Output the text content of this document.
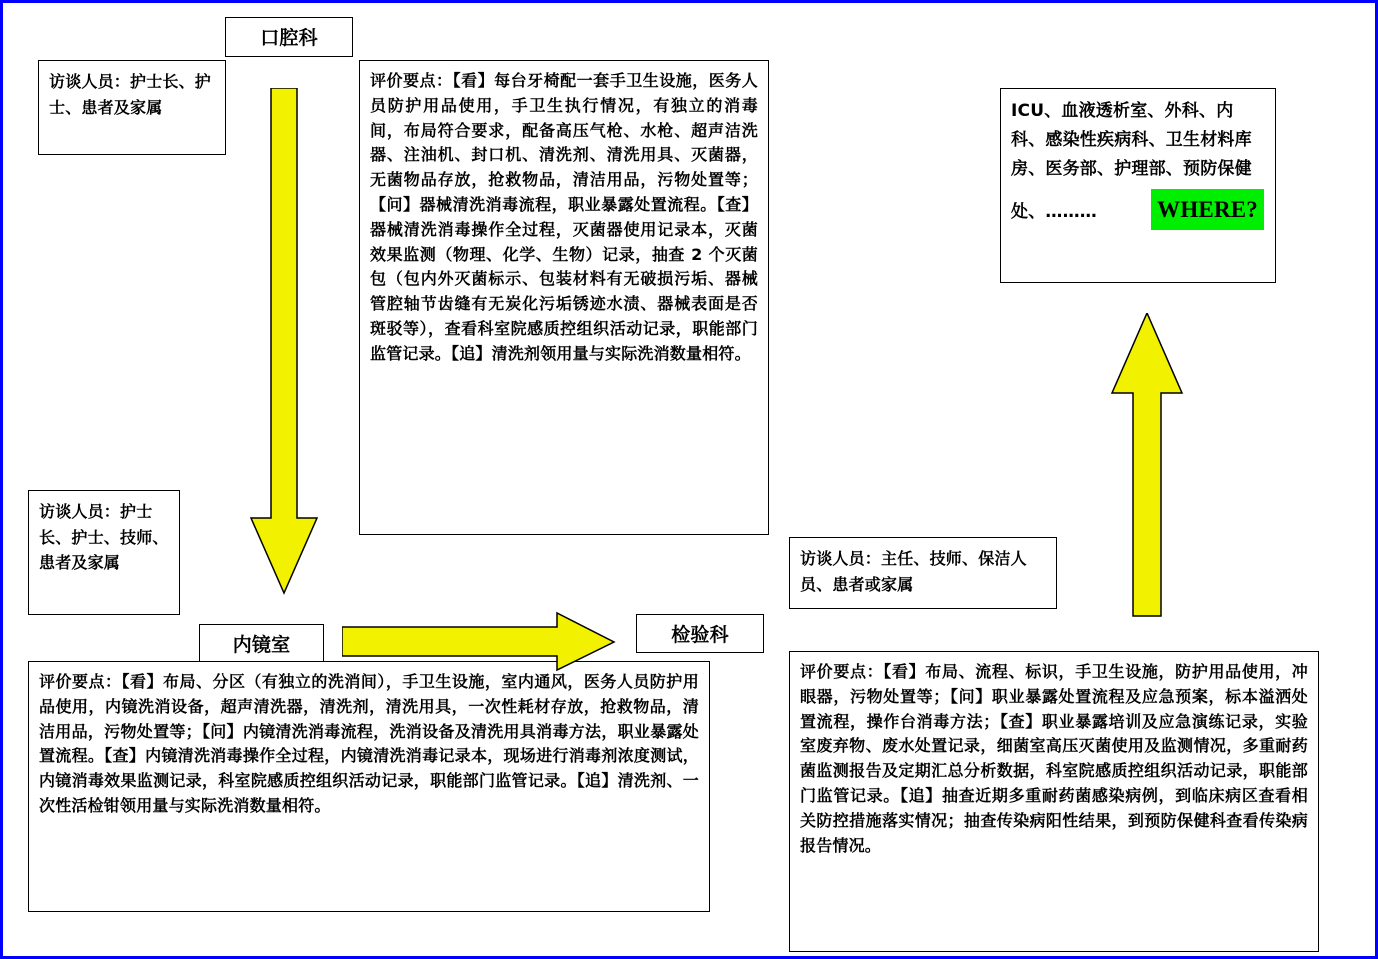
口腔科
访谈人员：护士长、护士、患者及家属
评价要点：【看】每台牙椅配一套手卫生设施，医务人员防护用品使用，手卫生执行情况，有独立的消毒间，布局符合要求，配备高压气枪、水枪、超声洁洗器、注油机、封口机、清洗剂、清洗用具、灭菌器，无菌物品存放，抢救物品，清洁用品，污物处置等；【问】器械清洗消毒流程，职业暴露处置流程。【查】器械清洗消毒操作全过程，灭菌器使用记录本，灭菌效果监测（物理、化学、生物）记录，抽查 2 个灭菌包（包内外灭菌标示、包装材料有无破损污垢、器械管腔轴节齿缝有无炭化污垢锈迹水渍、器械表面是否斑驳等），查看科室院感质控组织活动记录，职能部门监管记录。【追】清洗剂领用量与实际洗消数量相符。
ICU、血液透析室、外科、内科、感染性疾病科、卫生材料库房、医务部、护理部、预防保健处、………	WHERE?
访谈人员：护士长、护士、技师、患者及家属
内镜室
评价要点：【看】布局、分区（有独立的洗消间），手卫生设施，室内通风，医务人员防护用品使用，内镜洗消设备，超声清洗器，清洗剂，清洗用具，一次性耗材存放，抢救物品，清洁用品，污物处置等；【问】内镜清洗消毒流程，洗消设备及清洗用具消毒方法，职业暴露处置流程。【查】内镜清洗消毒操作全过程，内镜清洗消毒记录本，现场进行消毒剂浓度测试，内镜消毒效果监测记录，科室院感质控组织活动记录，职能部门监管记录。【追】清洗剂、一次性活检钳领用量与实际洗消数量相符。
访谈人员：主任、技师、保洁人员、患者或家属
检验科
评价要点：【看】布局、流程、标识，手卫生设施，防护用品使用，冲眼器，污物处置等；【问】职业暴露处置流程及应急预案，标本溢洒处置流程，操作台消毒方法；【查】职业暴露培训及应急演练记录，实验室废弃物、废水处置记录，细菌室高压灭菌使用及监测情况，多重耐药菌监测报告及定期汇总分析数据，科室院感质控组织活动记录，职能部门监管记录。【追】抽查近期多重耐药菌感染病例，到临床病区查看相关防控措施落实情况；抽查传染病阳性结果，到预防保健科查看传染病报告情况。
